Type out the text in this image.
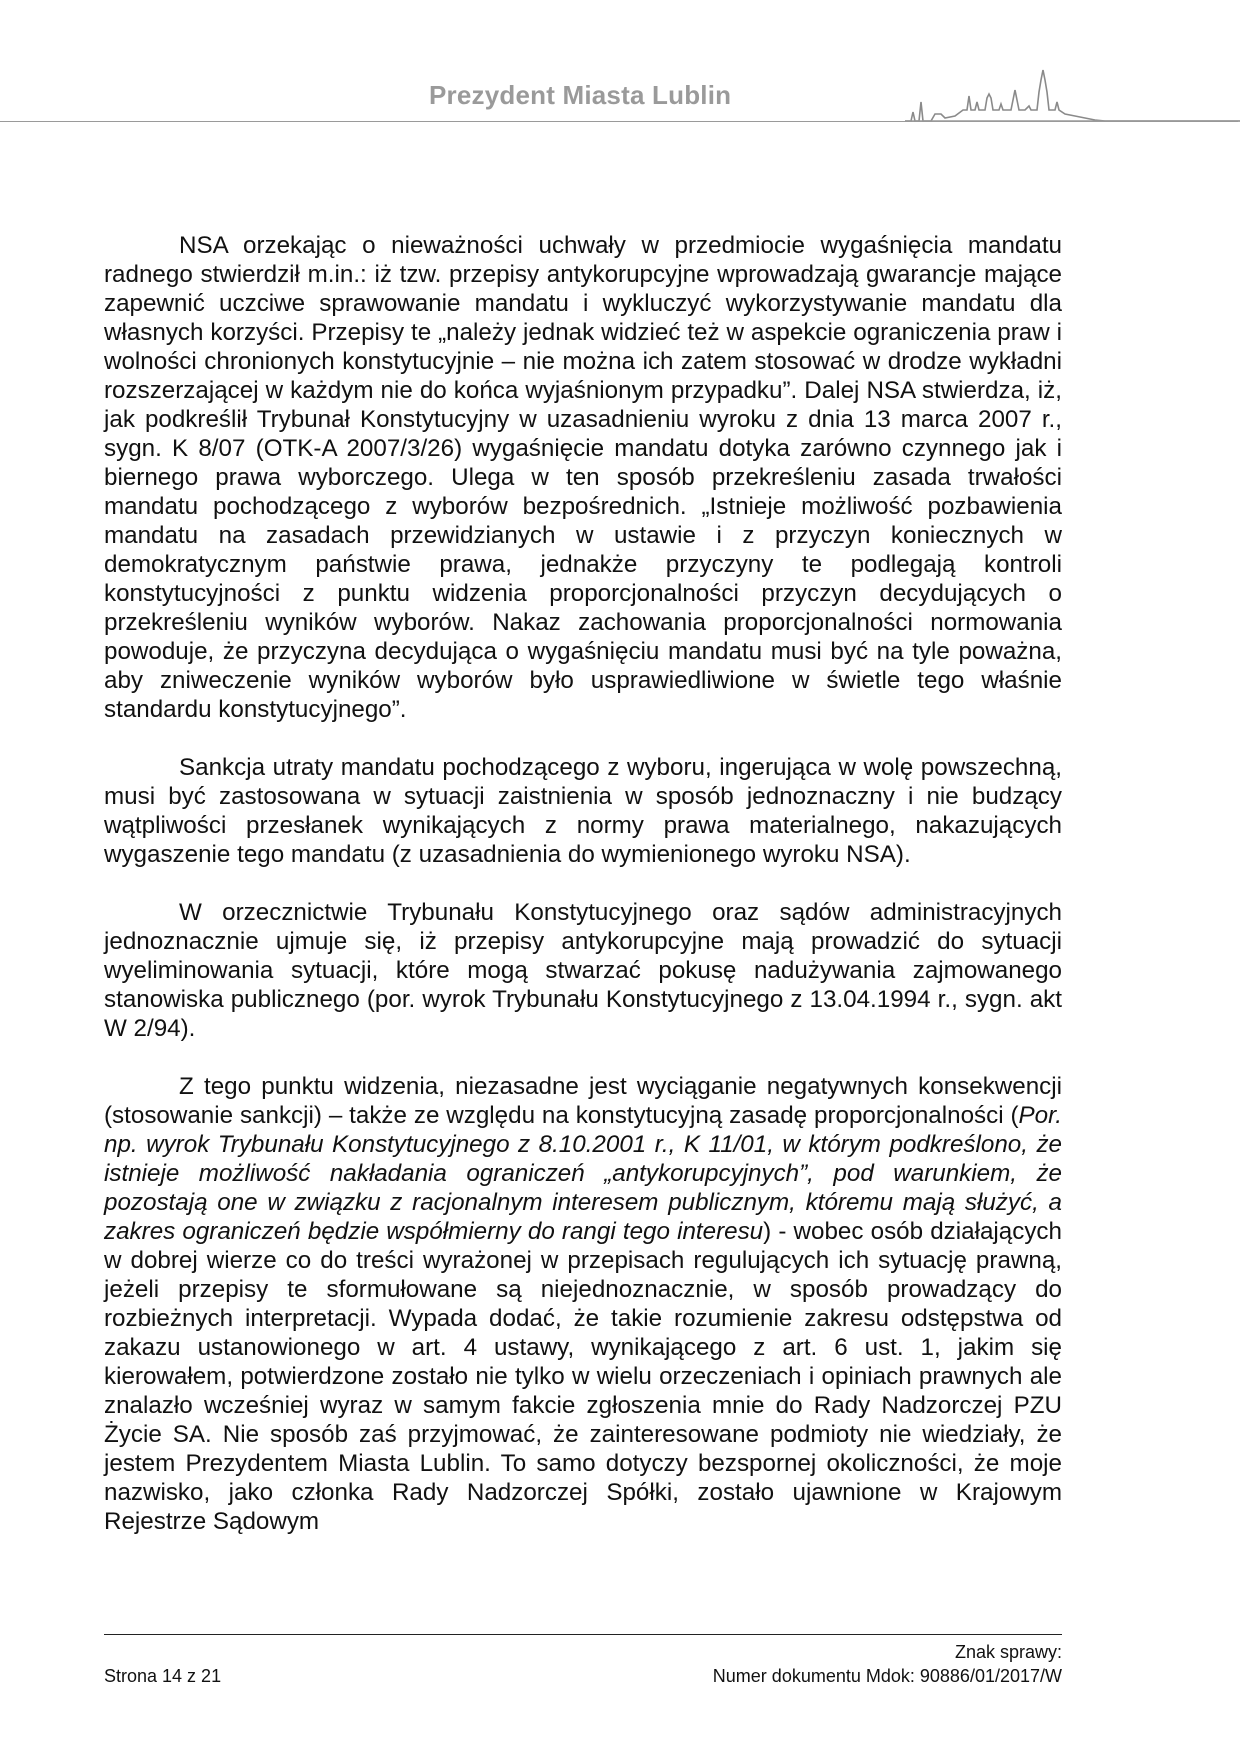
Prezydent Miasta Lublin

NSA orzekając o nieważności uchwały w przedmiocie wygaśnięcia mandatu radnego stwierdził m.in.: iż tzw. przepisy antykorupcyjne wprowadzają gwarancje mające zapewnić uczciwe sprawowanie mandatu i wykluczyć wykorzystywanie mandatu dla własnych korzyści. Przepisy te „należy jednak widzieć też w aspekcie ograniczenia praw i wolności chronionych konstytucyjnie – nie można ich zatem stosować w drodze wykładni rozszerzającej w każdym nie do końca wyjaśnionym przypadku”. Dalej NSA stwierdza, iż, jak podkreślił Trybunał Konstytucyjny w uzasadnieniu wyroku z dnia 13 marca 2007 r., sygn. K 8/07 (OTK-A 2007/3/26) wygaśnięcie mandatu dotyka zarówno czynnego jak i biernego prawa wyborczego. Ulega w ten sposób przekreśleniu zasada trwałości mandatu pochodzącego z wyborów bezpośrednich. „Istnieje możliwość pozbawienia mandatu na zasadach przewidzianych w ustawie i z przyczyn koniecznych w demokratycznym państwie prawa, jednakże przyczyny te podlegają kontroli konstytucyjności z punktu widzenia proporcjonalności przyczyn decydujących o przekreśleniu wyników wyborów. Nakaz zachowania proporcjonalności normowania powoduje, że przyczyna decydująca o wygaśnięciu mandatu musi być na tyle poważna, aby zniweczenie wyników wyborów było usprawiedliwione w świetle tego właśnie standardu konstytucyjnego”.

Sankcja utraty mandatu pochodzącego z wyboru, ingerująca w wolę powszechną, musi być zastosowana w sytuacji zaistnienia w sposób jednoznaczny i nie budzący wątpliwości przesłanek wynikających z normy prawa materialnego, nakazujących wygaszenie tego mandatu (z uzasadnienia do wymienionego wyroku NSA).

W orzecznictwie Trybunału Konstytucyjnego oraz sądów administracyjnych jednoznacznie ujmuje się, iż przepisy antykorupcyjne mają prowadzić do sytuacji wyeliminowania sytuacji, które mogą stwarzać pokusę nadużywania zajmowanego stanowiska publicznego (por. wyrok Trybunału Konstytucyjnego z 13.04.1994 r., sygn. akt W 2/94).

Z tego punktu widzenia, niezasadne jest wyciąganie negatywnych konsekwencji (stosowanie sankcji) – także ze względu na konstytucyjną zasadę proporcjonalności (Por. np. wyrok Trybunału Konstytucyjnego z 8.10.2001 r., K 11/01, w którym podkreślono, że istnieje możliwość nakładania ograniczeń „antykorupcyjnych”, pod warunkiem, że pozostają one w związku z racjonalnym interesem publicznym, któremu mają służyć, a zakres ograniczeń będzie współmierny do rangi tego interesu) - wobec osób działających w dobrej wierze co do treści wyrażonej w przepisach regulujących ich sytuację prawną, jeżeli przepisy te sformułowane są niejednoznacznie, w sposób prowadzący do rozbieżnych interpretacji. Wypada dodać, że takie rozumienie zakresu odstępstwa od zakazu ustanowionego w art. 4 ustawy, wynikającego z art. 6 ust. 1, jakim się kierowałem, potwierdzone zostało nie tylko w wielu orzeczeniach i opiniach prawnych ale znalazło wcześniej wyraz w samym fakcie zgłoszenia mnie do Rady Nadzorczej PZU Życie SA. Nie sposób zaś przyjmować, że zainteresowane podmioty nie wiedziały, że jestem Prezydentem Miasta Lublin. To samo dotyczy bezspornej okoliczności, że moje nazwisko, jako członka Rady Nadzorczej Spółki, zostało ujawnione w Krajowym Rejestrze Sądowym

Znak sprawy:
Numer dokumentu Mdok: 90886/01/2017/W
Strona 14 z 21
